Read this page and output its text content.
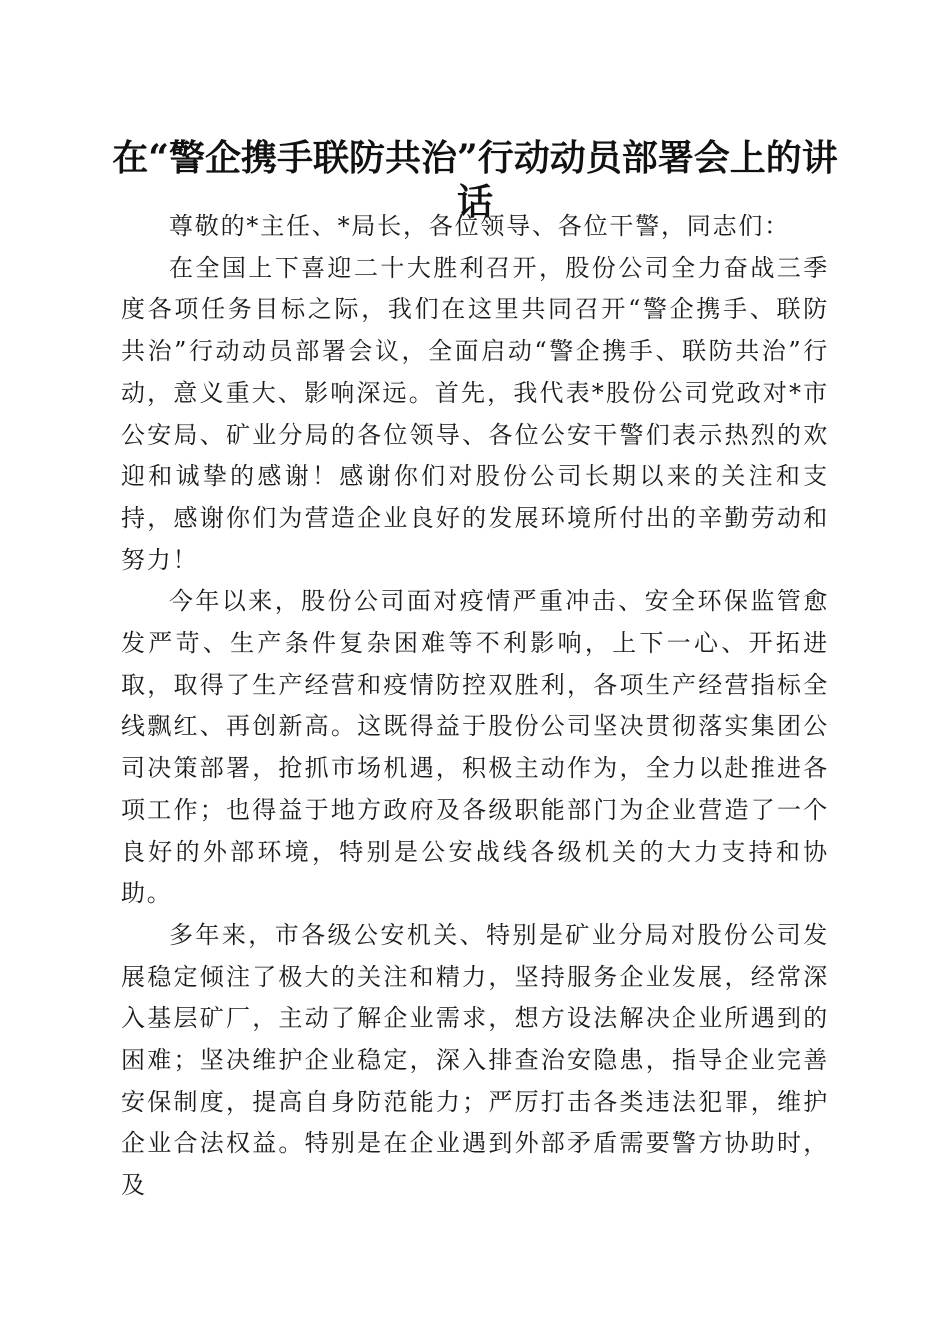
在“警企携手联防共治”行动动员部署会上的讲话

尊敬的*主任、*局长，各位领导、各位干警，同志们：

在全国上下喜迎二十大胜利召开，股份公司全力奋战三季度各项任务目标之际，我们在这里共同召开“警企携手、联防共治”行动动员部署会议，全面启动“警企携手、联防共治”行动，意义重大、影响深远。首先，我代表*股份公司党政对*市公安局、矿业分局的各位领导、各位公安干警们表示热烈的欢迎和诚挚的感谢！感谢你们对股份公司长期以来的关注和支持，感谢你们为营造企业良好的发展环境所付出的辛勤劳动和努力！

今年以来，股份公司面对疫情严重冲击、安全环保监管愈发严苛、生产条件复杂困难等不利影响，上下一心、开拓进取，取得了生产经营和疫情防控双胜利，各项生产经营指标全线飘红、再创新高。这既得益于股份公司坚决贯彻落实集团公司决策部署，抢抓市场机遇，积极主动作为，全力以赴推进各项工作；也得益于地方政府及各级职能部门为企业营造了一个良好的外部环境，特别是公安战线各级机关的大力支持和协助。

多年来，市各级公安机关、特别是矿业分局对股份公司发展稳定倾注了极大的关注和精力，坚持服务企业发展，经常深入基层矿厂，主动了解企业需求，想方设法解决企业所遇到的困难；坚决维护企业稳定，深入排查治安隐患，指导企业完善安保制度，提高自身防范能力；严厉打击各类违法犯罪，维护企业合法权益。特别是在企业遇到外部矛盾需要警方协助时，及
